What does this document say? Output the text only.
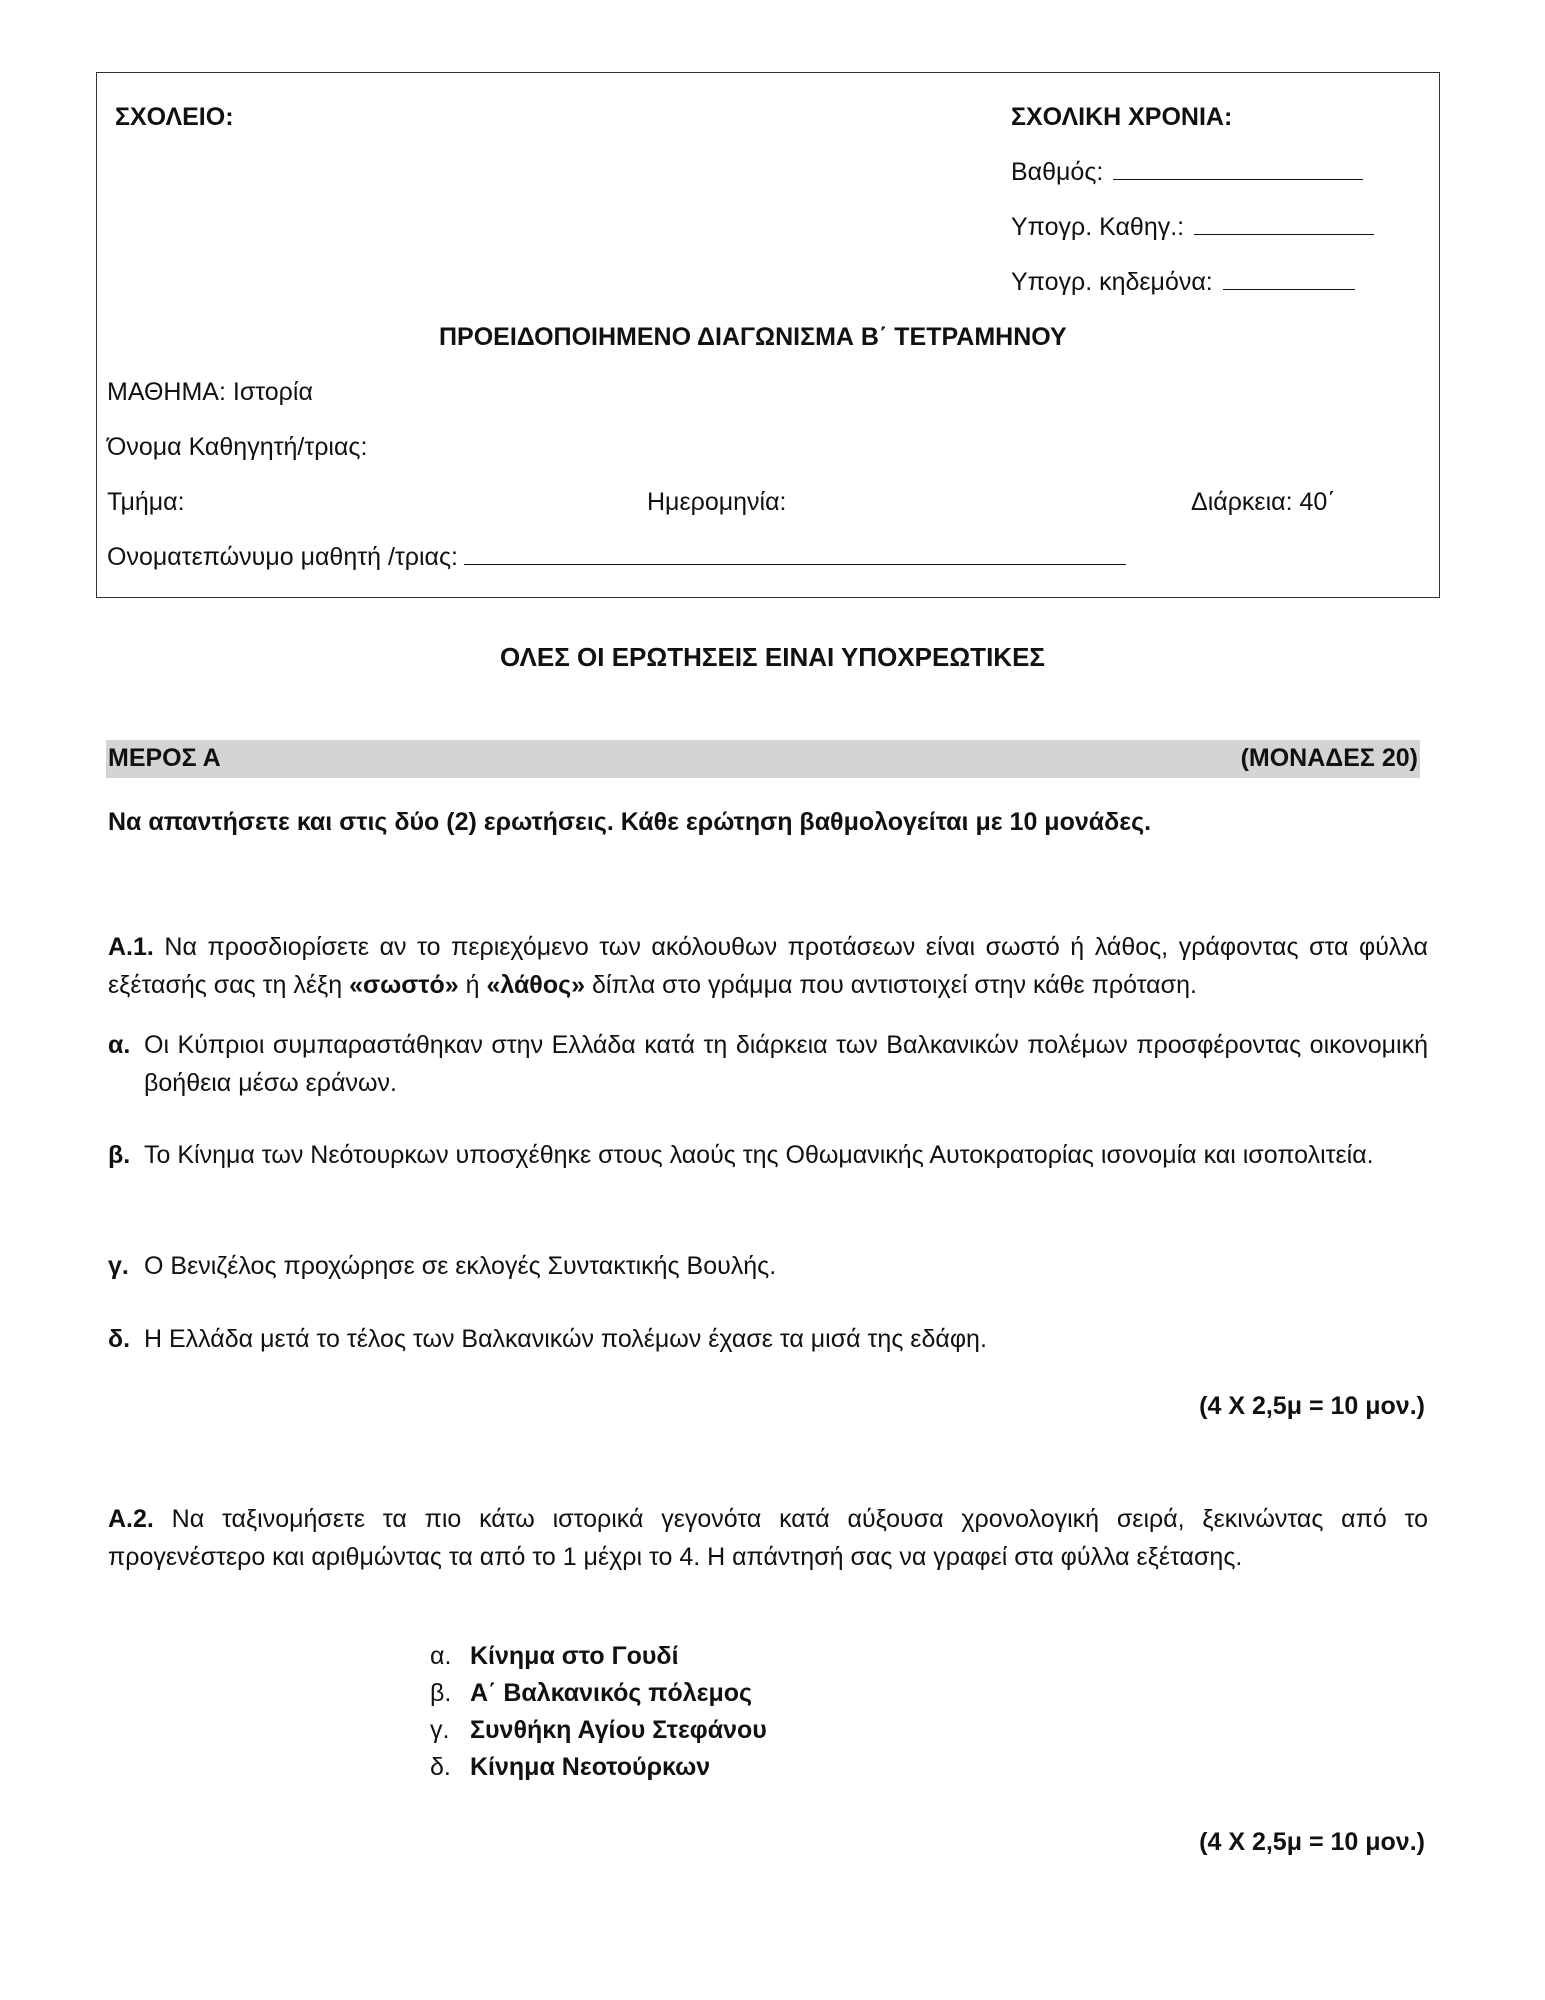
ΣΧΟΛΕΙΟ:	ΣΧΟΛΙΚΗ ΧΡΟΝΙΑ:
Βαθμός:
Υπογρ. Καθηγ.:
Υπογρ. κηδεμόνα:
ΠΡΟΕΙΔΟΠΟΙΗΜΕΝΟ ΔΙΑΓΩΝΙΣΜΑ Β΄ ΤΕΤΡΑΜΗΝΟΥ
ΜΑΘΗΜΑ: Ιστορία
Όνομα Καθηγητή/τριας:
Τμήμα:	Ημερομηνία:	Διάρκεια: 40΄
Ονοματεπώνυμο μαθητή /τριας:
ΟΛΕΣ ΟΙ ΕΡΩΤΗΣΕΙΣ ΕΙΝΑΙ ΥΠΟΧΡΕΩΤΙΚΕΣ
ΜΕΡΟΣ Α	(ΜΟΝΑΔΕΣ 20)
Να απαντήσετε και στις δύο (2) ερωτήσεις. Κάθε ερώτηση βαθμολογείται με 10 μονάδες.
Α.1. Να προσδιορίσετε αν το περιεχόμενο των ακόλουθων προτάσεων είναι σωστό ή λάθος, γράφοντας στα φύλλα εξέτασής σας τη λέξη «σωστό» ή «λάθος» δίπλα στο γράμμα που αντιστοιχεί στην κάθε πρόταση.
α. Οι Κύπριοι συμπαραστάθηκαν στην Ελλάδα κατά τη διάρκεια των Βαλκανικών πολέμων προσφέροντας οικονομική βοήθεια μέσω εράνων.
β. Το Κίνημα των Νεότουρκων υποσχέθηκε στους λαούς της Οθωμανικής Αυτοκρατορίας ισονομία και ισοπολιτεία.
γ. Ο Βενιζέλος προχώρησε σε εκλογές Συντακτικής Βουλής.
δ. Η Ελλάδα μετά το τέλος των Βαλκανικών πολέμων έχασε τα μισά της εδάφη.
(4 Χ 2,5μ = 10 μον.)
Α.2. Να ταξινομήσετε τα πιο κάτω ιστορικά γεγονότα κατά αύξουσα χρονολογική σειρά, ξεκινώντας από το προγενέστερο και αριθμώντας τα από το 1 μέχρι το 4. Η απάντησή σας να γραφεί στα φύλλα εξέτασης.
α. Κίνημα στο Γουδί
β. Α΄ Βαλκανικός πόλεμος
γ. Συνθήκη Αγίου Στεφάνου
δ. Κίνημα Νεοτούρκων
(4 Χ 2,5μ = 10 μον.)
